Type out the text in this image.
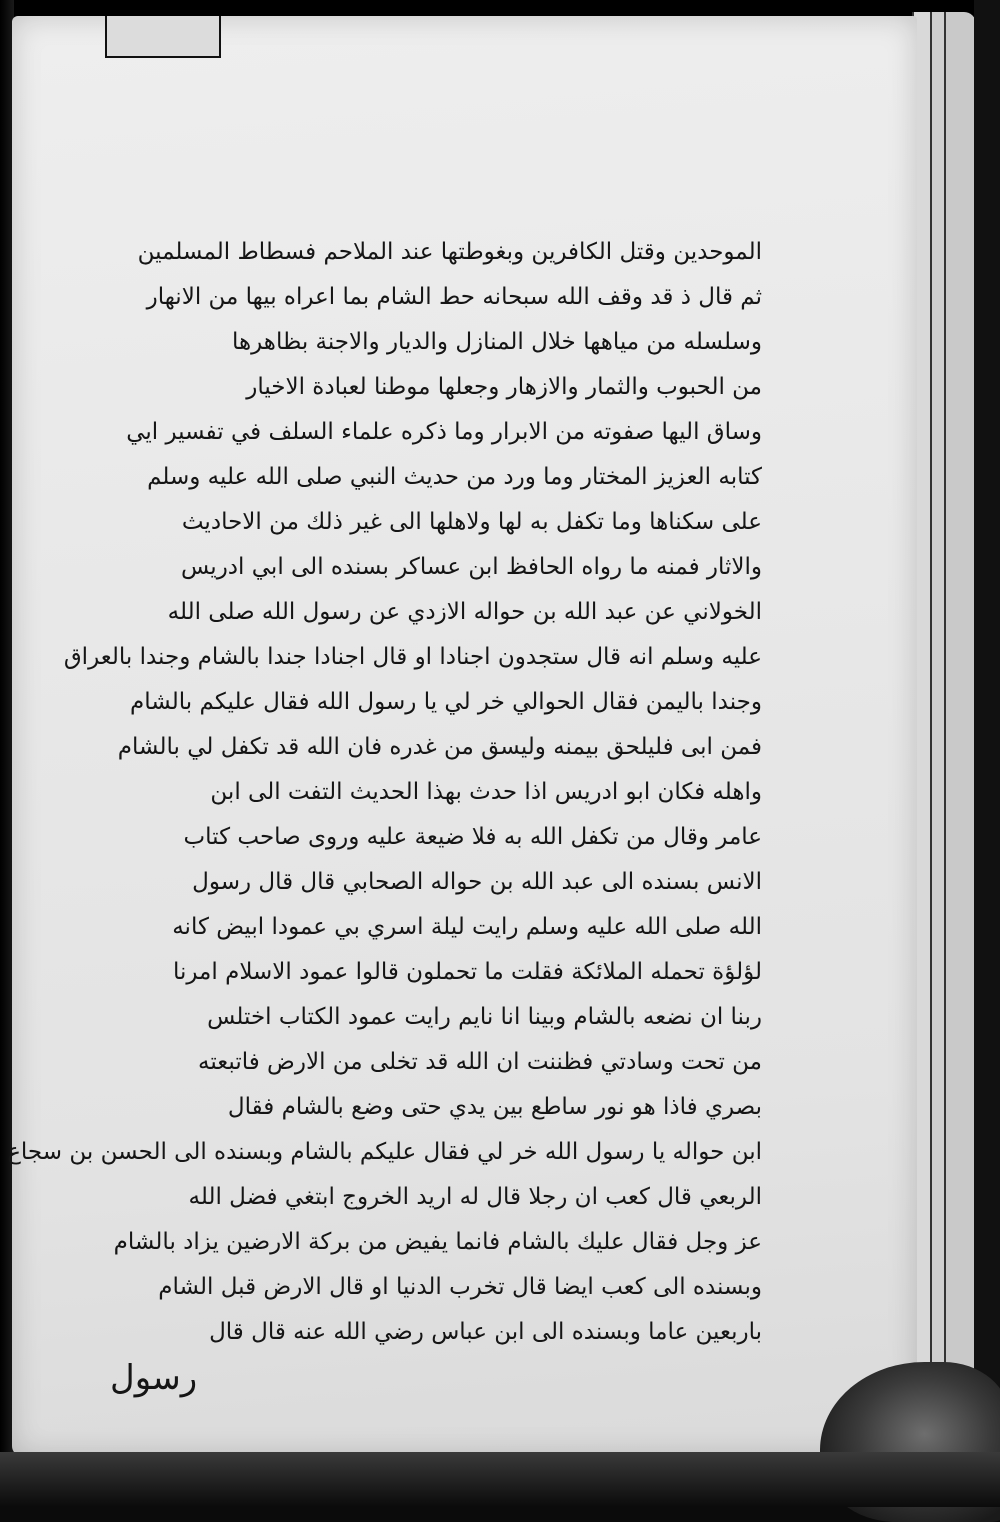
الموحدين وقتل الكافرين وبغوطتها عند الملاحم فسطاط المسلمين
ثم قال ذ قد وقف الله سبحانه حط الشام بما اعراه بيها من الانهار
وسلسله من مياهها خلال المنازل والديار والاجنة بظاهرها
من الحبوب والثمار والازهار وجعلها موطنا لعبادة الاخيار
وساق اليها صفوته من الابرار وما ذكره علماء السلف في تفسير ايي
كتابه العزيز المختار وما ورد من حديث النبي صلى الله عليه وسلم
على سكناها وما تكفل به لها ولاهلها الى غير ذلك من الاحاديث
والاثار فمنه ما رواه الحافظ ابن عساكر بسنده الى ابي ادريس
الخولاني عن عبد الله بن حواله الازدي عن رسول الله صلى الله
عليه وسلم انه قال ستجدون اجنادا او قال اجنادا جندا بالشام وجندا بالعراق
وجندا باليمن فقال الحوالي خر لي يا رسول الله فقال عليكم بالشام
فمن ابى فليلحق بيمنه وليسق من غدره فان الله قد تكفل لي بالشام
واهله فكان ابو ادريس اذا حدث بهذا الحديث التفت الى ابن
عامر وقال من تكفل الله به فلا ضيعة عليه وروى صاحب كتاب
الانس بسنده الى عبد الله بن حواله الصحابي قال قال رسول
الله صلى الله عليه وسلم رايت ليلة اسري بي عمودا ابيض كانه
لؤلؤة تحمله الملائكة فقلت ما تحملون قالوا عمود الاسلام امرنا
ربنا ان نضعه بالشام وبينا انا نايم رايت عمود الكتاب اختلس
من تحت وسادتي فظننت ان الله قد تخلى من الارض فاتبعته
بصري فاذا هو نور ساطع بين يدي حتى وضع بالشام فقال
ابن حواله يا رسول الله خر لي فقال عليكم بالشام وبسنده الى الحسن بن سجاع
الربعي قال كعب ان رجلا قال له اريد الخروج ابتغي فضل الله
عز وجل فقال عليك بالشام فانما يفيض من بركة الارضين يزاد بالشام
وبسنده الى كعب ايضا قال تخرب الدنيا او قال الارض قبل الشام
باربعين عاما وبسنده الى ابن عباس رضي الله عنه قال قال
رسول
